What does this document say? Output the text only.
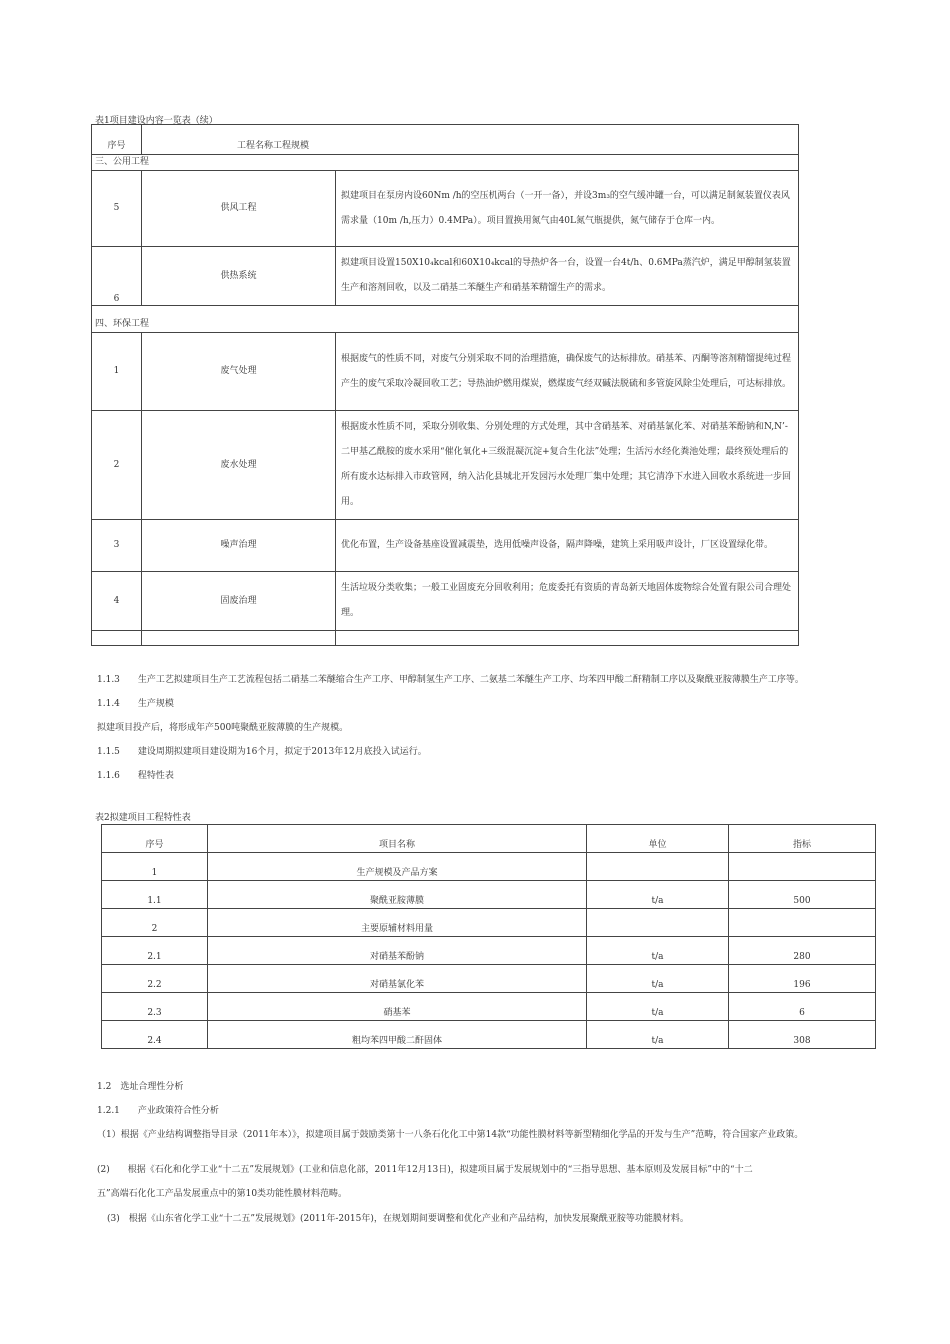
表1项目建设内容一览表（续）
序号	工程名称工程规模	
三、公用工程		
5	供风工程	拟建项目在泵房内设60Nm /h的空压机两台（一开一备），并设3m₃的空气缓冲罐一台，可以满足制氮装置仪表风需求量（10m /h,压力）0.4MPa）。项目置换用氮气由40L氮气瓶提供，氮气储存于仓库一内。
6	供热系统	拟建项目设置150X10₄kcal和60X10₄kcal的导热炉各一台，设置一台4t/h、0.6MPa蒸汽炉，满足甲醇制氢装置生产和溶剂回收，以及二硝基二苯醚生产和硝基苯精馏生产的需求。
四、环保工程		
1	废气处理	根据废气的性质不同，对废气分别采取不同的治理措施，确保废气的达标排放。硝基苯、丙酮等溶剂精馏提纯过程产生的废气采取冷凝回收工艺；导热油炉燃用煤炭，燃煤废气经双碱法脱硫和多管旋风除尘处理后，可达标排放。
2	废水处理	根据废水性质不同，采取分别收集、分别处理的方式处理，其中含硝基苯、对硝基氯化苯、对硝基苯酚钠和N,N’-二甲基乙酰胺的废水采用“催化氧化+三级混凝沉淀+复合生化法”处理；生活污水经化粪池处理；最终预处理后的所有废水达标排入市政管网，纳入沾化县城北开发园污水处理厂集中处理；其它清净下水进入回收水系统进一步回用。
3	噪声治理	优化布置，生产设备基座设置减震垫，选用低噪声设备，隔声降噪，建筑上采用吸声设计，厂区设置绿化带。
4	固废治理	生活垃圾分类收集；一般工业固废充分回收利用；危废委托有资质的青岛新天地固体废物综合处置有限公司合理处理。

1.1.3　　生产工艺拟建项目生产工艺流程包括二硝基二苯醚缩合生产工序、甲醇制氢生产工序、二氨基二苯醚生产工序、均苯四甲酸二酐精制工序以及聚酰亚胺薄膜生产工序等。
1.1.4　　生产规模
拟建项目投产后，将形成年产500吨聚酰亚胺薄膜的生产规模。
1.1.5　　建设周期拟建项目建设期为16个月，拟定于2013年12月底投入试运行。
1.1.6　　程特性表
表2拟建项目工程特性表
序号	项目名称	单位	指标
1	生产规模及产品方案		
1.1	聚酰亚胺薄膜	t/a	500
2	主要原辅材料用量		
2.1	对硝基苯酚钠	t/a	280
2.2	对硝基氯化苯	t/a	196
2.3	硝基苯	t/a	6
2.4	粗均苯四甲酸二酐固体	t/a	308
1.2　选址合理性分析
1.2.1　　产业政策符合性分析
（1）根据《产业结构调整指导目录（2011年本）》，拟建项目属于鼓励类第十一八条石化化工中第14款“功能性膜材料等新型精细化学品的开发与生产”范畴，符合国家产业政策。
(2)　　根据《石化和化学工业“十二五”发展规划》(工业和信息化部，2011年12月13日)，拟建项目属于发展规划中的“三指导思想、基本原则及发展目标”中的“十二
五”高端石化化工产品发展重点中的第10类功能性膜材料范畴。
(3)　根据《山东省化学工业“十二五”发展规划》(2011年-2015年)，在规划期间要调整和优化产业和产品结构，加快发展聚酰亚胺等功能膜材料。
